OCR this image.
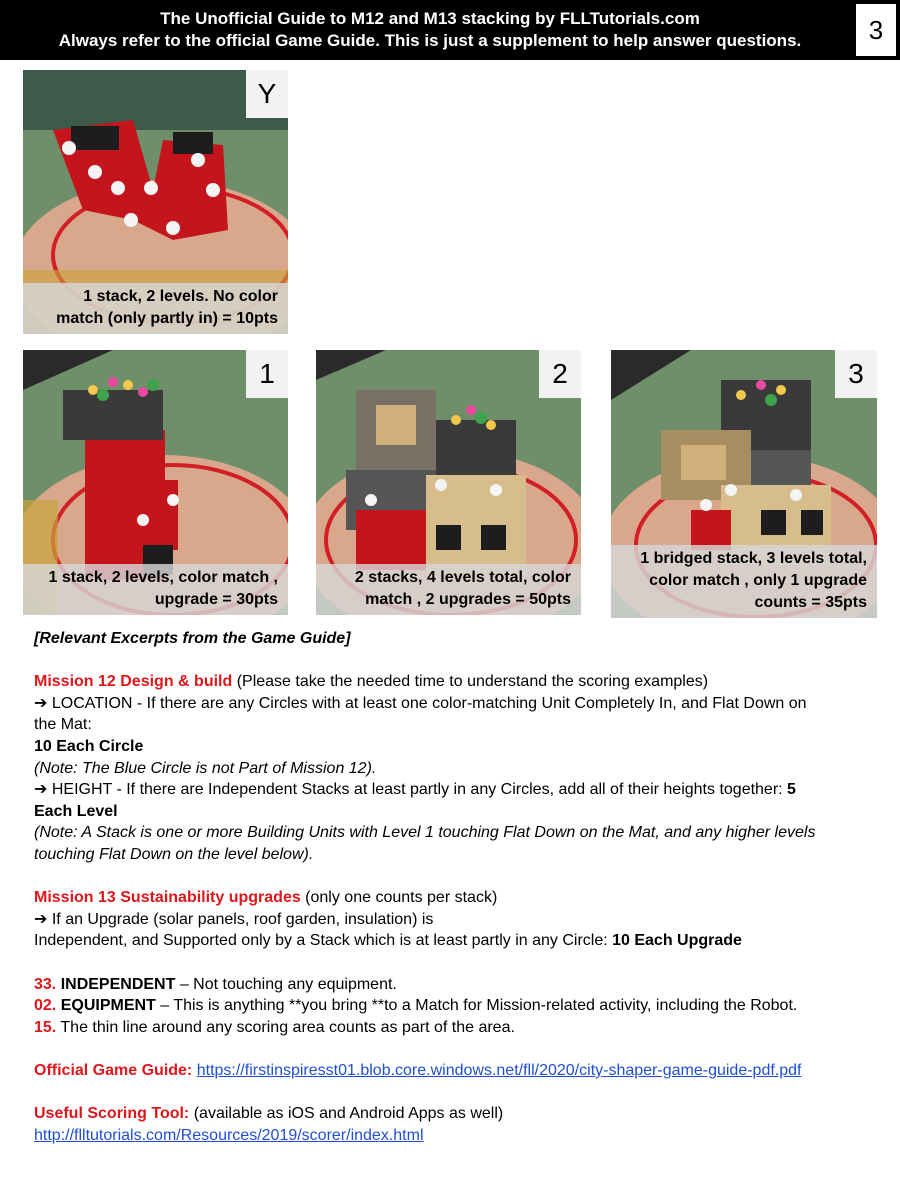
The Unofficial Guide to M12 and M13 stacking by FLLTutorials.com
Always refer to the official Game Guide. This is just a supplement to help answer questions.	3
Y
1 stack, 2 levels. No color
match (only partly in) = 10pts
1
1 stack, 2 levels, color match ,
upgrade = 30pts
2
2 stacks, 4 levels total, color
match , 2 upgrades = 50pts
3
1 bridged stack, 3 levels total,
color match , only 1 upgrade
counts = 35pts

[Relevant Excerpts from the Game Guide]

Mission 12 Design & build (Please take the needed time to understand the scoring examples)

➔ LOCATION - If there are any Circles with at least one color-matching Unit Completely In, and Flat Down on

the Mat:

10 Each Circle

(Note: The Blue Circle is not Part of Mission 12).

➔ HEIGHT - If there are Independent Stacks at least partly in any Circles, add all of their heights together: 5

Each Level

(Note: A Stack is one or more Building Units with Level 1 touching Flat Down on the Mat, and any higher levels

touching Flat Down on the level below).

Mission 13 Sustainability upgrades (only one counts per stack)

➔ If an Upgrade (solar panels, roof garden, insulation) is

Independent, and Supported only by a Stack which is at least partly in any Circle: 10 Each Upgrade

33. INDEPENDENT – Not touching any equipment.

02. EQUIPMENT – This is anything **you bring **to a Match for Mission-related activity, including the Robot.

15. The thin line around any scoring area counts as part of the area.

Official Game Guide: https://firstinspiresst01.blob.core.windows.net/fll/2020/city-shaper-game-guide-pdf.pdf

Useful Scoring Tool: (available as iOS and Android Apps as well)

http://flltutorials.com/Resources/2019/scorer/index.html
